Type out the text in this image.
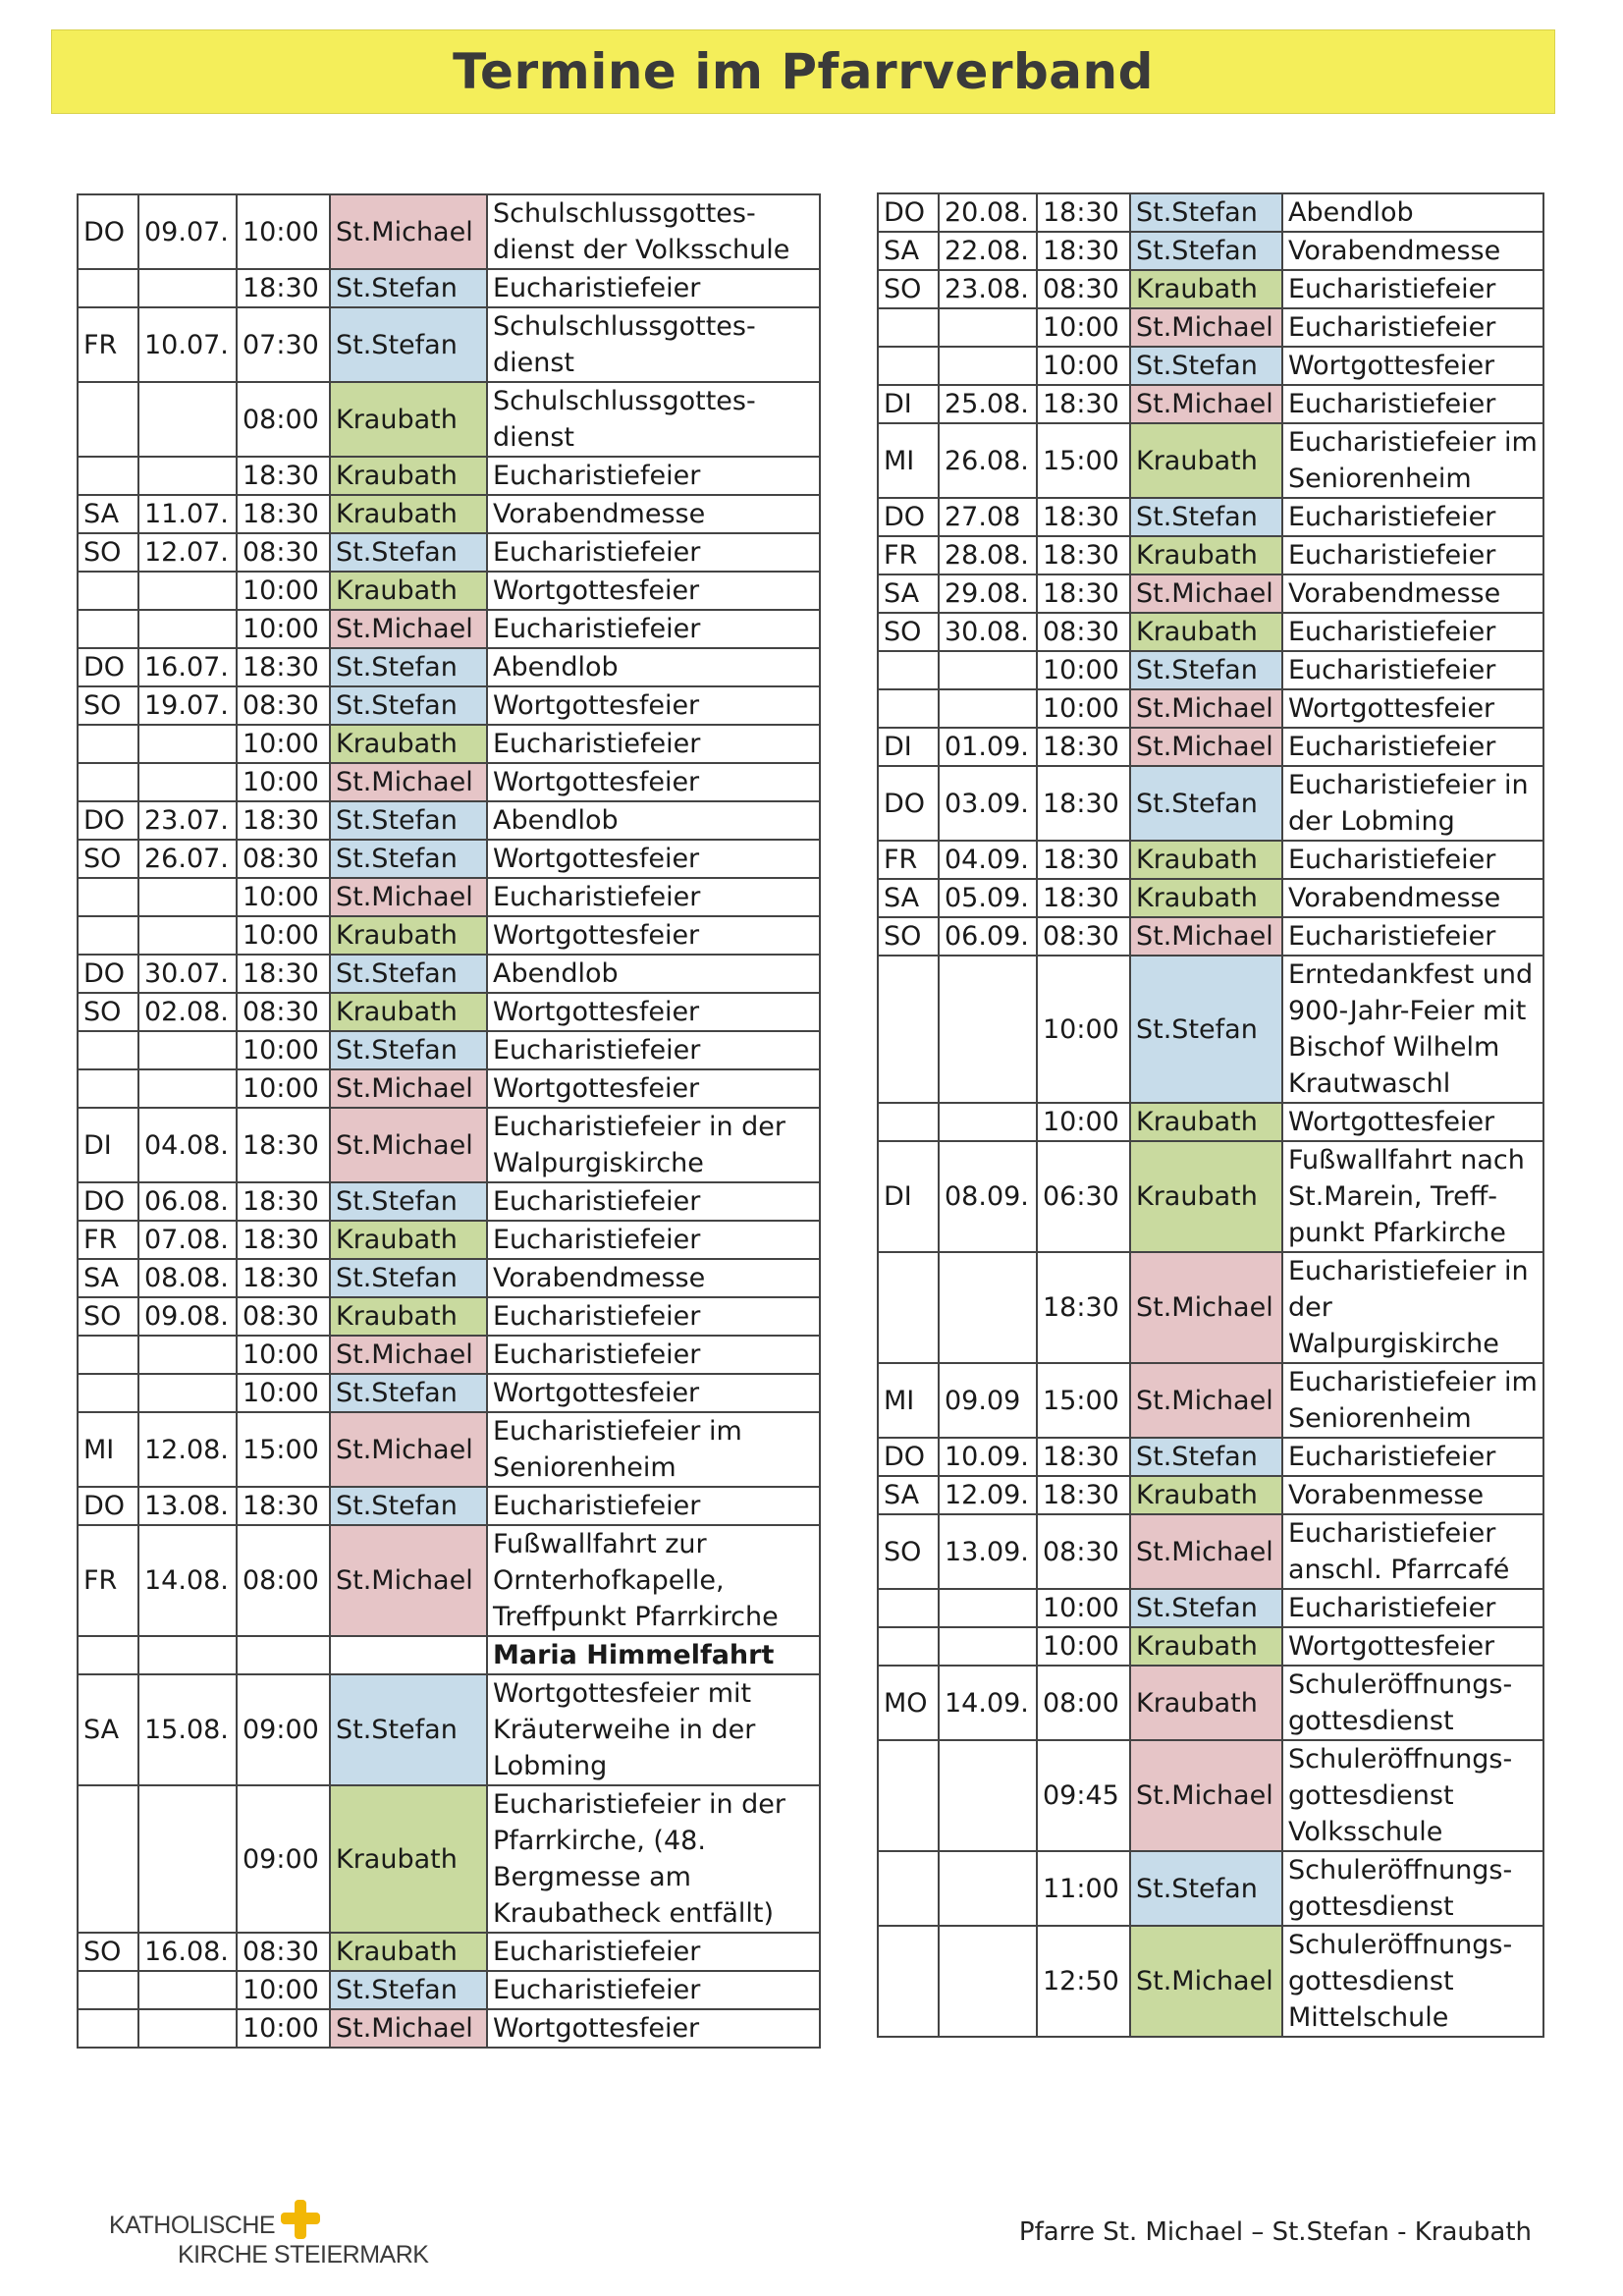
Termine im Pfarrverband
DO	09.07.	10:00	St.Michael	Schulschlussgottes-
dienst der Volksschule
		18:30	St.Stefan	Eucharistiefeier
FR	10.07.	07:30	St.Stefan	Schulschlussgottes-
dienst
		08:00	Kraubath	Schulschlussgottes-
dienst
		18:30	Kraubath	Eucharistiefeier
SA	11.07.	18:30	Kraubath	Vorabendmesse
SO	12.07.	08:30	St.Stefan	Eucharistiefeier
		10:00	Kraubath	Wortgottesfeier
		10:00	St.Michael	Eucharistiefeier
DO	16.07.	18:30	St.Stefan	Abendlob
SO	19.07.	08:30	St.Stefan	Wortgottesfeier
		10:00	Kraubath	Eucharistiefeier
		10:00	St.Michael	Wortgottesfeier
DO	23.07.	18:30	St.Stefan	Abendlob
SO	26.07.	08:30	St.Stefan	Wortgottesfeier
		10:00	St.Michael	Eucharistiefeier
		10:00	Kraubath	Wortgottesfeier
DO	30.07.	18:30	St.Stefan	Abendlob
SO	02.08.	08:30	Kraubath	Wortgottesfeier
		10:00	St.Stefan	Eucharistiefeier
		10:00	St.Michael	Wortgottesfeier
DI	04.08.	18:30	St.Michael	Eucharistiefeier in der
Walpurgiskirche
DO	06.08.	18:30	St.Stefan	Eucharistiefeier
FR	07.08.	18:30	Kraubath	Eucharistiefeier
SA	08.08.	18:30	St.Stefan	Vorabendmesse
SO	09.08.	08:30	Kraubath	Eucharistiefeier
		10:00	St.Michael	Eucharistiefeier
		10:00	St.Stefan	Wortgottesfeier
MI	12.08.	15:00	St.Michael	Eucharistiefeier im
Seniorenheim
DO	13.08.	18:30	St.Stefan	Eucharistiefeier
FR	14.08.	08:00	St.Michael	Fußwallfahrt zur
Ornterhofkapelle,
Treffpunkt Pfarrkirche
				Maria Himmelfahrt
SA	15.08.	09:00	St.Stefan	Wortgottesfeier mit
Kräuterweihe in der
Lobming
		09:00	Kraubath	Eucharistiefeier in der
Pfarrkirche, (48.
Bergmesse am
Kraubatheck entfällt)
SO	16.08.	08:30	Kraubath	Eucharistiefeier
		10:00	St.Stefan	Eucharistiefeier
		10:00	St.Michael	Wortgottesfeier
DO	20.08.	18:30	St.Stefan	Abendlob
SA	22.08.	18:30	St.Stefan	Vorabendmesse
SO	23.08.	08:30	Kraubath	Eucharistiefeier
		10:00	St.Michael	Eucharistiefeier
		10:00	St.Stefan	Wortgottesfeier
DI	25.08.	18:30	St.Michael	Eucharistiefeier
MI	26.08.	15:00	Kraubath	Eucharistiefeier im
Seniorenheim
DO	27.08	18:30	St.Stefan	Eucharistiefeier
FR	28.08.	18:30	Kraubath	Eucharistiefeier
SA	29.08.	18:30	St.Michael	Vorabendmesse
SO	30.08.	08:30	Kraubath	Eucharistiefeier
		10:00	St.Stefan	Eucharistiefeier
		10:00	St.Michael	Wortgottesfeier
DI	01.09.	18:30	St.Michael	Eucharistiefeier
DO	03.09.	18:30	St.Stefan	Eucharistiefeier in
der Lobming
FR	04.09.	18:30	Kraubath	Eucharistiefeier
SA	05.09.	18:30	Kraubath	Vorabendmesse
SO	06.09.	08:30	St.Michael	Eucharistiefeier
		10:00	St.Stefan	Erntedankfest und
900-Jahr-Feier mit
Bischof Wilhelm
Krautwaschl
		10:00	Kraubath	Wortgottesfeier
DI	08.09.	06:30	Kraubath	Fußwallfahrt nach
St.Marein, Treff-
punkt Pfarkirche
		18:30	St.Michael	Eucharistiefeier in
der
Walpurgiskirche
MI	09.09	15:00	St.Michael	Eucharistiefeier im
Seniorenheim
DO	10.09.	18:30	St.Stefan	Eucharistiefeier
SA	12.09.	18:30	Kraubath	Vorabenmesse
SO	13.09.	08:30	St.Michael	Eucharistiefeier
anschl. Pfarrcafé
		10:00	St.Stefan	Eucharistiefeier
		10:00	Kraubath	Wortgottesfeier
MO	14.09.	08:00	Kraubath	Schuleröffnungs-
gottesdienst
		09:45	St.Michael	Schuleröffnungs-
gottesdienst
Volksschule
		11:00	St.Stefan	Schuleröffnungs-
gottesdienst
		12:50	St.Michael	Schuleröffnungs-
gottesdienst
Mittelschule
KATHOLISCHE
KIRCHE STEIERMARK
Pfarre St. Michael – St.Stefan - Kraubath
